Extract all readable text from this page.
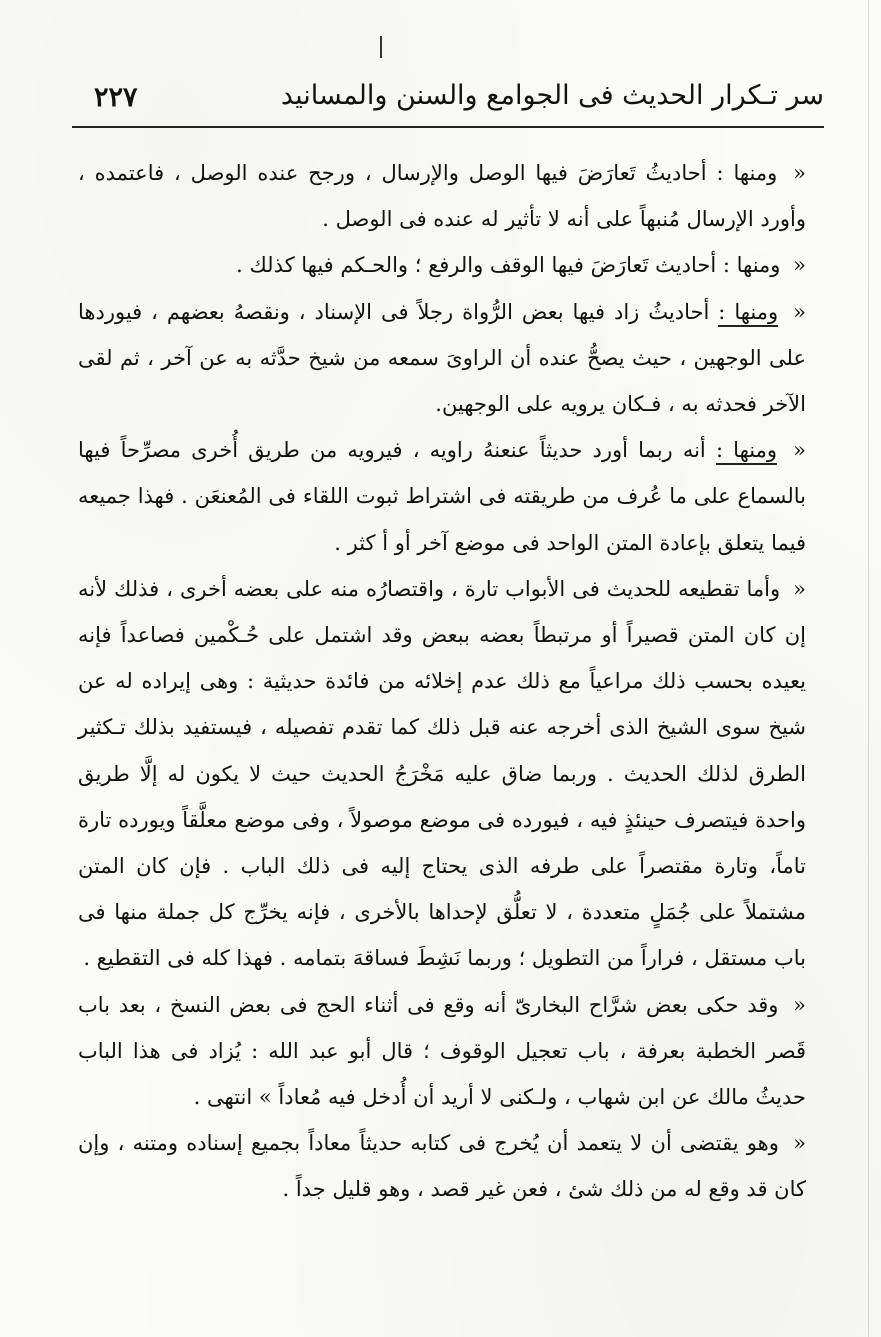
سر تـكرار الحديث فى الجوامع والسنن والمسانيد
٢٢٧

« ومنها : أحاديثُ تَعارَضَ فيها الوصل والإرسال ، ورجح عنده الوصل ، فاعتمده ، وأورد الإرسال مُنبهاً على أنه لا تأثير له عنده فى الوصل .

« ومنها : أحاديث تَعارَضَ فيها الوقف والرفع ؛ والحـكم فيها كذلك .

« ومنها : أحاديثُ زاد فيها بعض الرُّواة رجلاً فى الإسناد ، ونقصهُ بعضهم ، فيوردها على الوجهين ، حيث يصحُّ عنده أن الراوىَ سمعه من شيخ حدَّثه به عن آخر ، ثم لقى الآخر فحدثه به ، فـكان يرويه على الوجهين.

« ومنها : أنه ربما أورد حديثاً عنعنهُ راويه ، فيرويه من طريق أُخرى مصرِّحاً فيها بالسماع على ما عُرف من طريقته فى اشتراط ثبوت اللقاء فى المُعنعَن . فهذا جميعه فيما يتعلق بإعادة المتن الواحد فى موضع آخر أو أ كثر .

« وأما تقطيعه للحديث فى الأبواب تارة ، واقتصارُه منه على بعضه أخرى ، فذلك لأنه إن كان المتن قصيراً أو مرتبطاً بعضه ببعض وقد اشتمل على حُـكْمين فصاعداً فإنه يعيده بحسب ذلك مراعياً مع ذلك عدم إخلائه من فائدة حديثية : وهى إيراده له عن شيخ سوى الشيخ الذى أخرجه عنه قبل ذلك كما تقدم تفصيله ، فيستفيد بذلك تـكثير الطرق لذلك الحديث . وربما ضاق عليه مَخْرَجُ الحديث حيث لا يكون له إلَّا طريق واحدة فيتصرف حينئذٍ فيه ، فيورده فى موضع موصولاً ، وفى موضع معلَّقاً ويورده تارة تاماً، وتارة مقتصراً على طرفه الذى يحتاج إليه فى ذلك الباب . فإن كان المتن مشتملاً على جُمَلٍ متعددة ، لا تعلُّق لإحداها بالأخرى ، فإنه يخرِّج كل جملة منها فى باب مستقل ، فراراً من التطويل ؛ وربما نَشِطَ فساقهَ بتمامه . فهذا كله فى التقطيع .

« وقد حكى بعض شرَّاح البخارىّ أنه وقع فى أثناء الحج فى بعض النسخ ، بعد باب قَصر الخطبة بعرفة ، باب تعجيل الوقوف ؛ قال أبو عبد الله : يُزاد فى هذا الباب حديثُ مالك عن ابن شهاب ، ولـكنى لا أريد أن أُدخل فيه مُعاداً » انتهى .

« وهو يقتضى أن لا يتعمد أن يُخرج فى كتابه حديثاً معاداً بجميع إسناده ومتنه ، وإن كان قد وقع له من ذلك شئ ، فعن غير قصد ، وهو قليل جداً .
